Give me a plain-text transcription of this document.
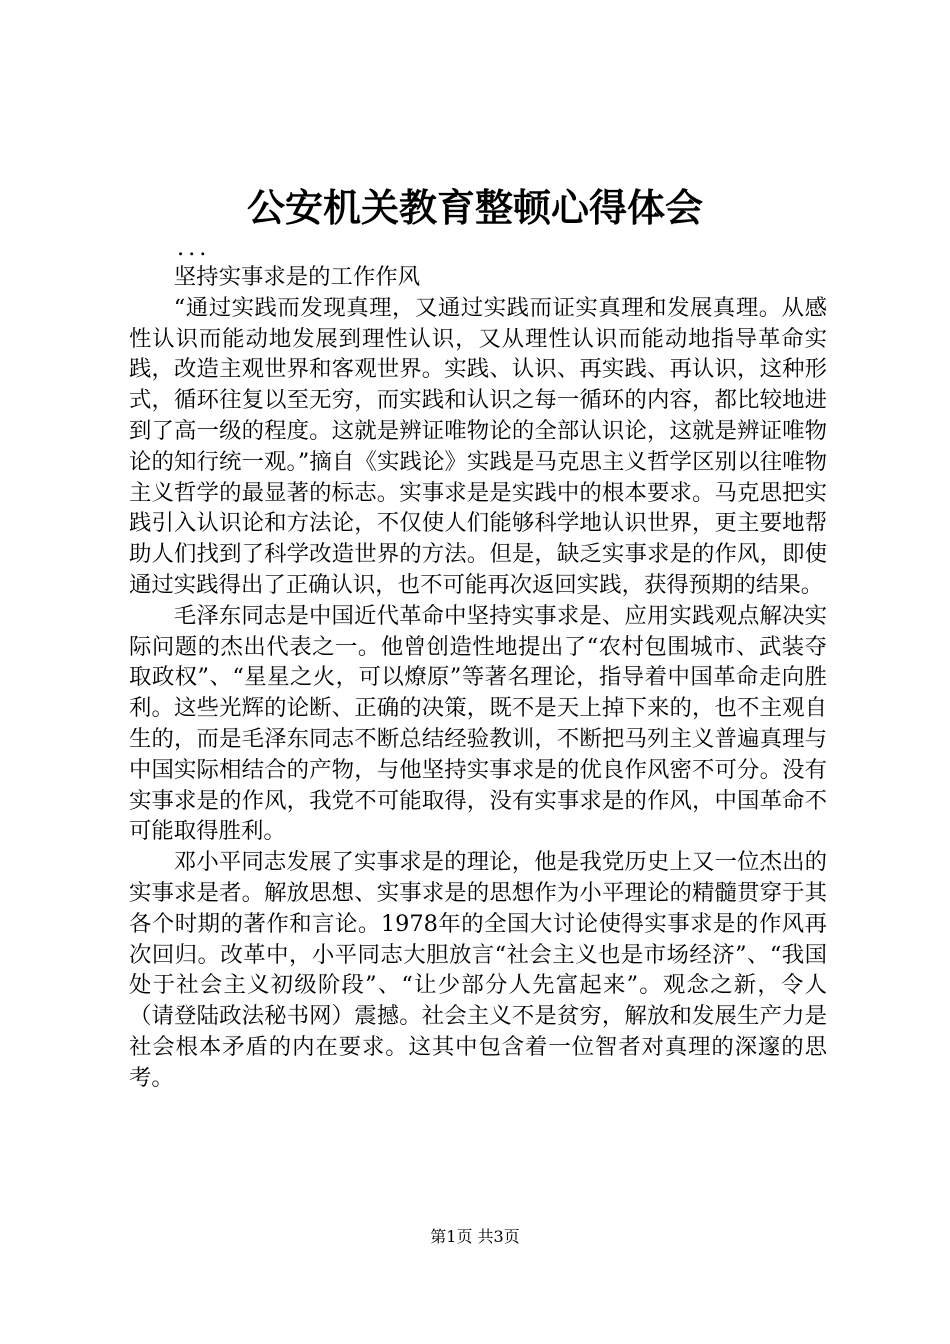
公安机关教育整顿心得体会

...

坚持实事求是的工作作风

“通过实践而发现真理，又通过实践而证实真理和发展真理。从感性认识而能动地发展到理性认识，又从理性认识而能动地指导革命实践，改造主观世界和客观世界。实践、认识、再实践、再认识，这种形式，循环往复以至无穷，而实践和认识之每一循环的内容，都比较地进到了高一级的程度。这就是辨证唯物论的全部认识论，这就是辨证唯物论的知行统一观。”摘自《实践论》实践是马克思主义哲学区别以往唯物主义哲学的最显著的标志。实事求是是实践中的根本要求。马克思把实践引入认识论和方法论，不仅使人们能够科学地认识世界，更主要地帮助人们找到了科学改造世界的方法。但是，缺乏实事求是的作风，即使通过实践得出了正确认识，也不可能再次返回实践，获得预期的结果。

毛泽东同志是中国近代革命中坚持实事求是、应用实践观点解决实际问题的杰出代表之一。他曾创造性地提出了“农村包围城市、武装夺取政权”、“星星之火，可以燎原”等著名理论，指导着中国革命走向胜利。这些光辉的论断、正确的决策，既不是天上掉下来的，也不主观自生的，而是毛泽东同志不断总结经验教训，不断把马列主义普遍真理与中国实际相结合的产物，与他坚持实事求是的优良作风密不可分。没有实事求是的作风，我党不可能取得，没有实事求是的作风，中国革命不可能取得胜利。

邓小平同志发展了实事求是的理论，他是我党历史上又一位杰出的实事求是者。解放思想、实事求是的思想作为小平理论的精髓贯穿于其各个时期的著作和言论。1978年的全国大讨论使得实事求是的作风再次回归。改革中，小平同志大胆放言“社会主义也是市场经济”、“我国处于社会主义初级阶段”、“让少部分人先富起来”。观念之新，令人（请登陆政法秘书网）震撼。社会主义不是贫穷，解放和发展生产力是社会根本矛盾的内在要求。这其中包含着一位智者对真理的深邃的思考。

第1页 共3页
